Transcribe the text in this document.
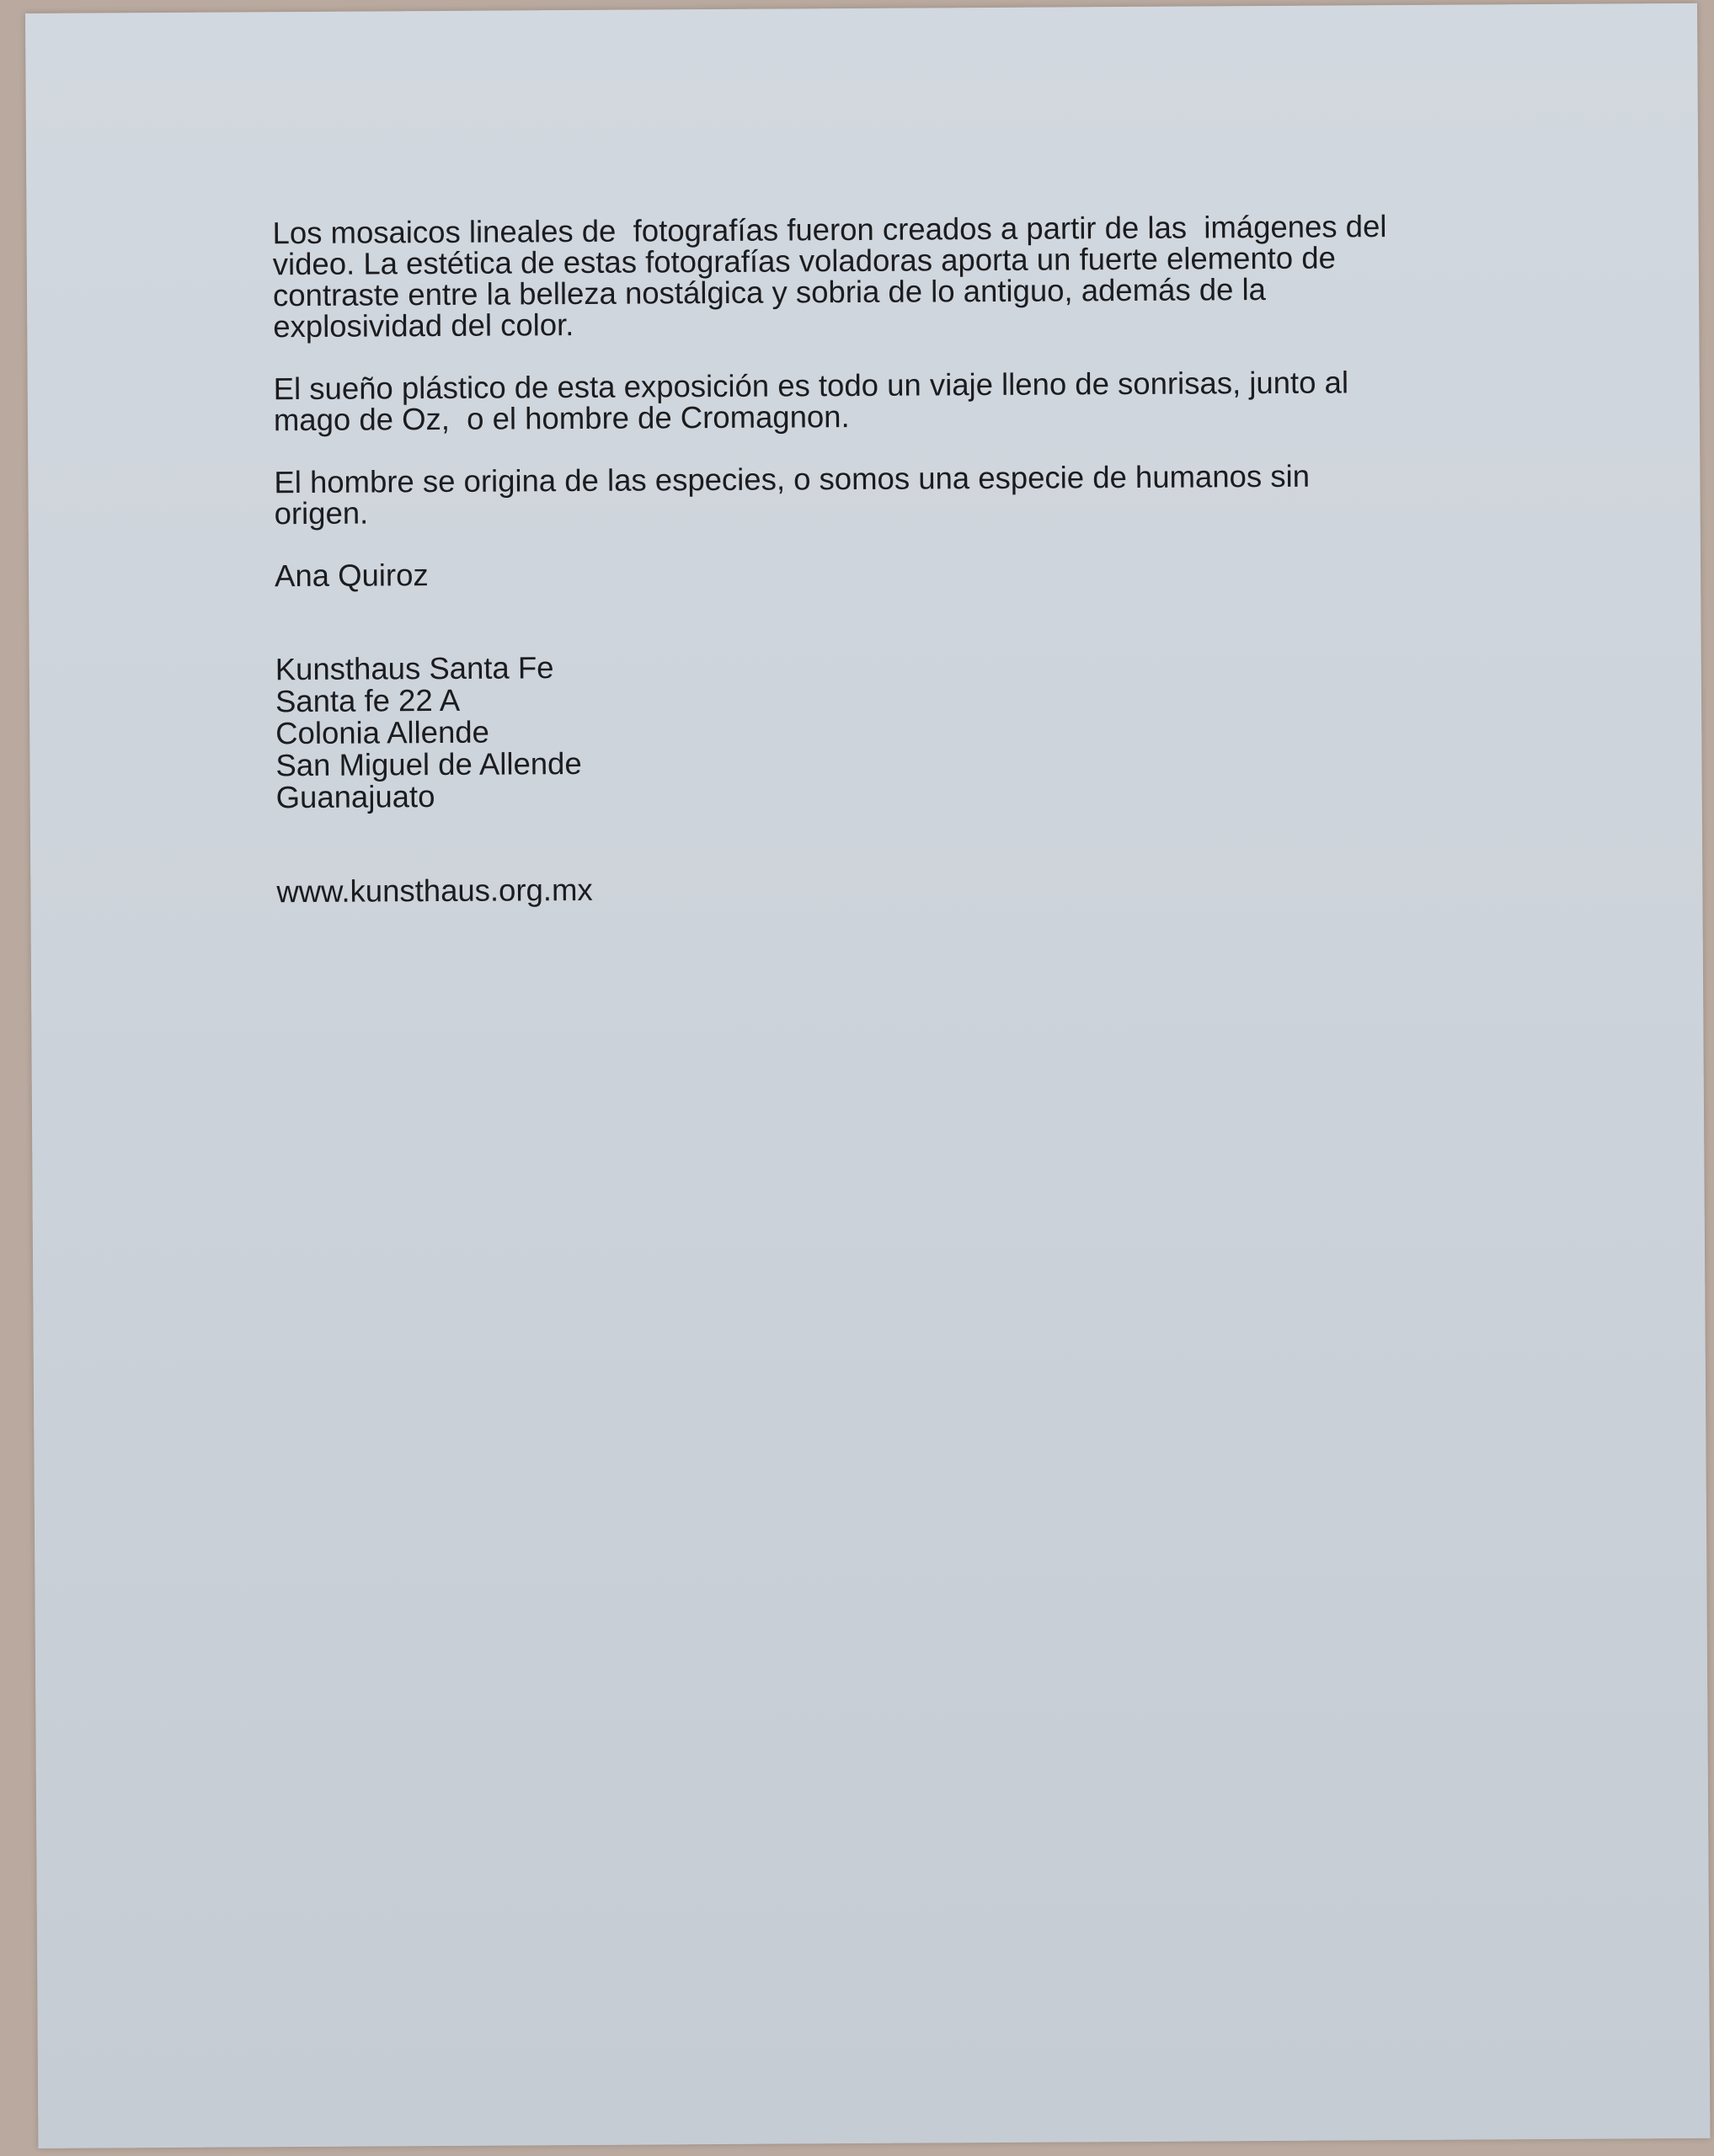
Los mosaicos lineales de  fotografías fueron creados a partir de las  imágenes del
video. La estética de estas fotografías voladoras aporta un fuerte elemento de
contraste entre la belleza nostálgica y sobria de lo antiguo, además de la
explosividad del color.

El sueño plástico de esta exposición es todo un viaje lleno de sonrisas, junto al
mago de Oz,  o el hombre de Cromagnon.

El hombre se origina de las especies, o somos una especie de humanos sin
origen.

Ana Quiroz

Kunsthaus Santa Fe
Santa fe 22 A
Colonia Allende
San Miguel de Allende
Guanajuato

www.kunsthaus.org.mx
